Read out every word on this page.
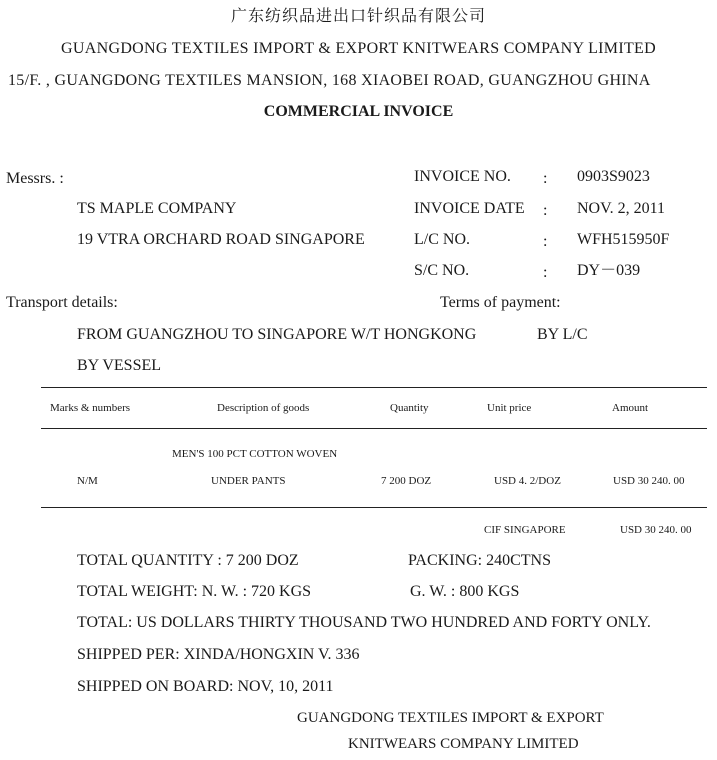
广东纺织品进出口针织品有限公司
GUANGDONG TEXTILES IMPORT & EXPORT KNITWEARS COMPANY LIMITED
15/F. , GUANGDONG TEXTILES MANSION, 168 XIAOBEI ROAD, GUANGZHOU GHINA
COMMERCIAL INVOICE
Messrs. :
TS MAPLE COMPANY
19 VTRA ORCHARD ROAD SINGAPORE
INVOICE NO. : 0903S9023
INVOICE DATE : NOV. 2, 2011
L/C NO.	: WFH515950F
S/C NO.	: DY－039
Transport details:	Terms of payment:
FROM GUANGZHOU TO SINGAPORE W/T HONGKONG	BY L/C
BY VESSEL
Marks & numbers	Description of goods	Quantity	Unit price	Amount
MEN'S 100 PCT COTTON WOVEN
N/M	UNDER PANTS	7 200 DOZ	USD 4. 2/DOZ	USD 30 240. 00
CIF SINGAPORE	USD 30 240. 00
TOTAL QUANTITY : 7 200 DOZ	PACKING: 240CTNS
TOTAL WEIGHT: N. W. : 720 KGS	G. W. : 800 KGS
TOTAL: US DOLLARS THIRTY THOUSAND TWO HUNDRED AND FORTY ONLY.
SHIPPED PER: XINDA/HONGXIN V. 336
SHIPPED ON BOARD: NOV, 10, 2011
GUANGDONG TEXTILES IMPORT & EXPORT
KNITWEARS COMPANY LIMITED
